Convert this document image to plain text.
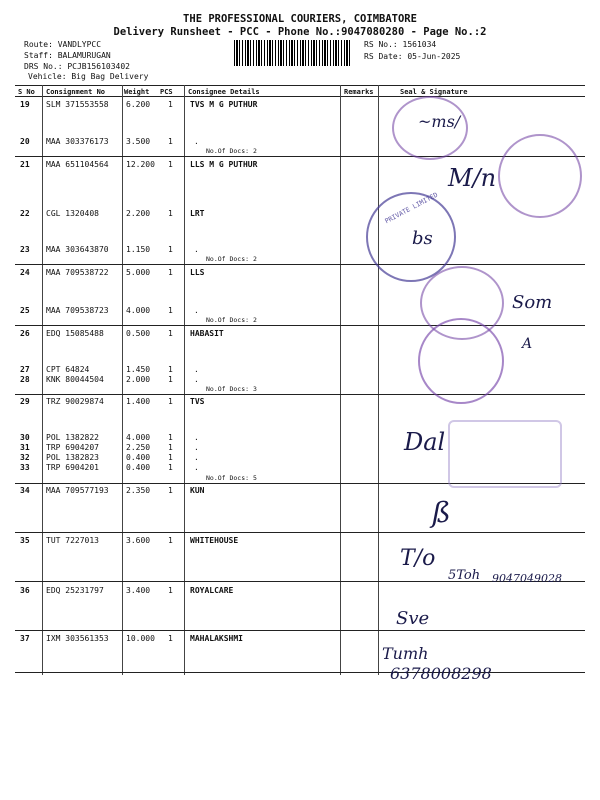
THE PROFESSIONAL COURIERS, COIMBATORE
Delivery Runsheet - PCC - Phone No.:9047080280 - Page No.:2
Route: VANDLYPCC
Staff: BALAMURUGAN
DRS No.: PCJB156103402
Vehicle: Big Bag Delivery
RS No.: 1561034
RS Date: 05-Jun-2025
S No Consignment No	Weight PCS Consignee Details	Remarks	Seal & Signature
19 SLM 371553558 6.200 1 TVS M G PUTHUR
20 MAA 303376173 3.500 1	.
No.Of Docs: 2
21 MAA 651104564 12.200 1 LLS M G PUTHUR
22 CGL 1320408	2.200 1 LRT
23 MAA 303643870 1.150 1	.
No.Of Docs: 2
24 MAA 709538722 5.000 1 LLS
25 MAA 709538723 4.000 1	.
No.Of Docs: 2
26 EDQ 15085488	0.500 1 HABASIT
27 CPT 64824	1.450 1	.
28 KNK 80044504	2.000 1	.
No.Of Docs: 3
29 TRZ 90029874	1.400 1 TVS
30 POL 1382822	4.000 1	.
31 TRP 6904207	2.250 1	.
32 POL 1382823	0.400 1	.
33 TRP 6904201	0.400 1	.
No.Of Docs: 5
34 MAA 709577193 2.350 1 KUN
35 TUT 7227013	3.600 1 WHITEHOUSE
36 EDQ 25231797	3.400 1 ROYALCARE
37 IXM 303561353 10.000 1 MAHALAKSHMI
PRIVATE LIMITED
~ms/
M/n
bs
Som
A
Dal
ß
T/o
5Toh 9047049028
Sve
Tumh
6378008298
